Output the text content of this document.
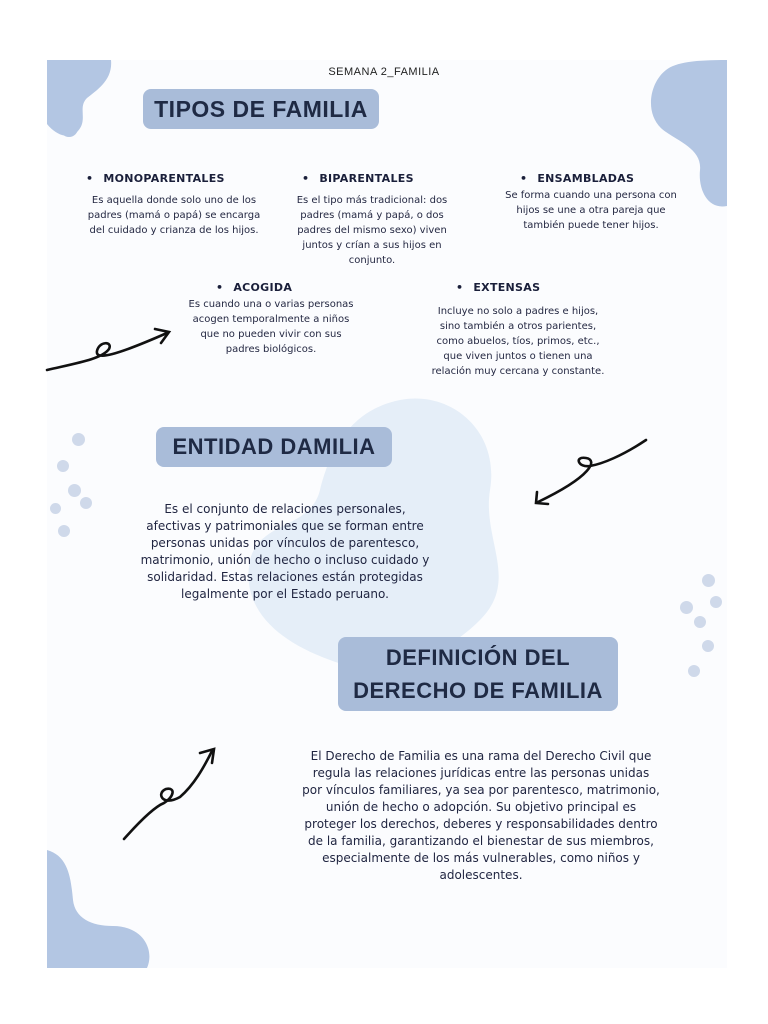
SEMANA 2_FAMILIA
TIPOS DE FAMILIA
• MONOPARENTALES
Es aquella donde solo uno de los padres (mamá o papá) se encarga del cuidado y crianza de los hijos.
• BIPARENTALES
Es el tipo más tradicional: dos padres (mamá y papá, o dos padres del mismo sexo) viven juntos y crían a sus hijos en conjunto.
• ENSAMBLADAS
Se forma cuando una persona con hijos se une a otra pareja que también puede tener hijos.
• ACOGIDA
Es cuando una o varias personas acogen temporalmente a niños que no pueden vivir con sus padres biológicos.
• EXTENSAS
Incluye no solo a padres e hijos, sino también a otros parientes, como abuelos, tíos, primos, etc., que viven juntos o tienen una relación muy cercana y constante.
ENTIDAD DAMILIA
Es el conjunto de relaciones personales, afectivas y patrimoniales que se forman entre personas unidas por vínculos de parentesco, matrimonio, unión de hecho o incluso cuidado y solidaridad. Estas relaciones están protegidas legalmente por el Estado peruano.
DEFINICIÓN DEL
DERECHO DE FAMILIA
El Derecho de Familia es una rama del Derecho Civil que regula las relaciones jurídicas entre las personas unidas por vínculos familiares, ya sea por parentesco, matrimonio, unión de hecho o adopción. Su objetivo principal es proteger los derechos, deberes y responsabilidades dentro de la familia, garantizando el bienestar de sus miembros, especialmente de los más vulnerables, como niños y adolescentes.
